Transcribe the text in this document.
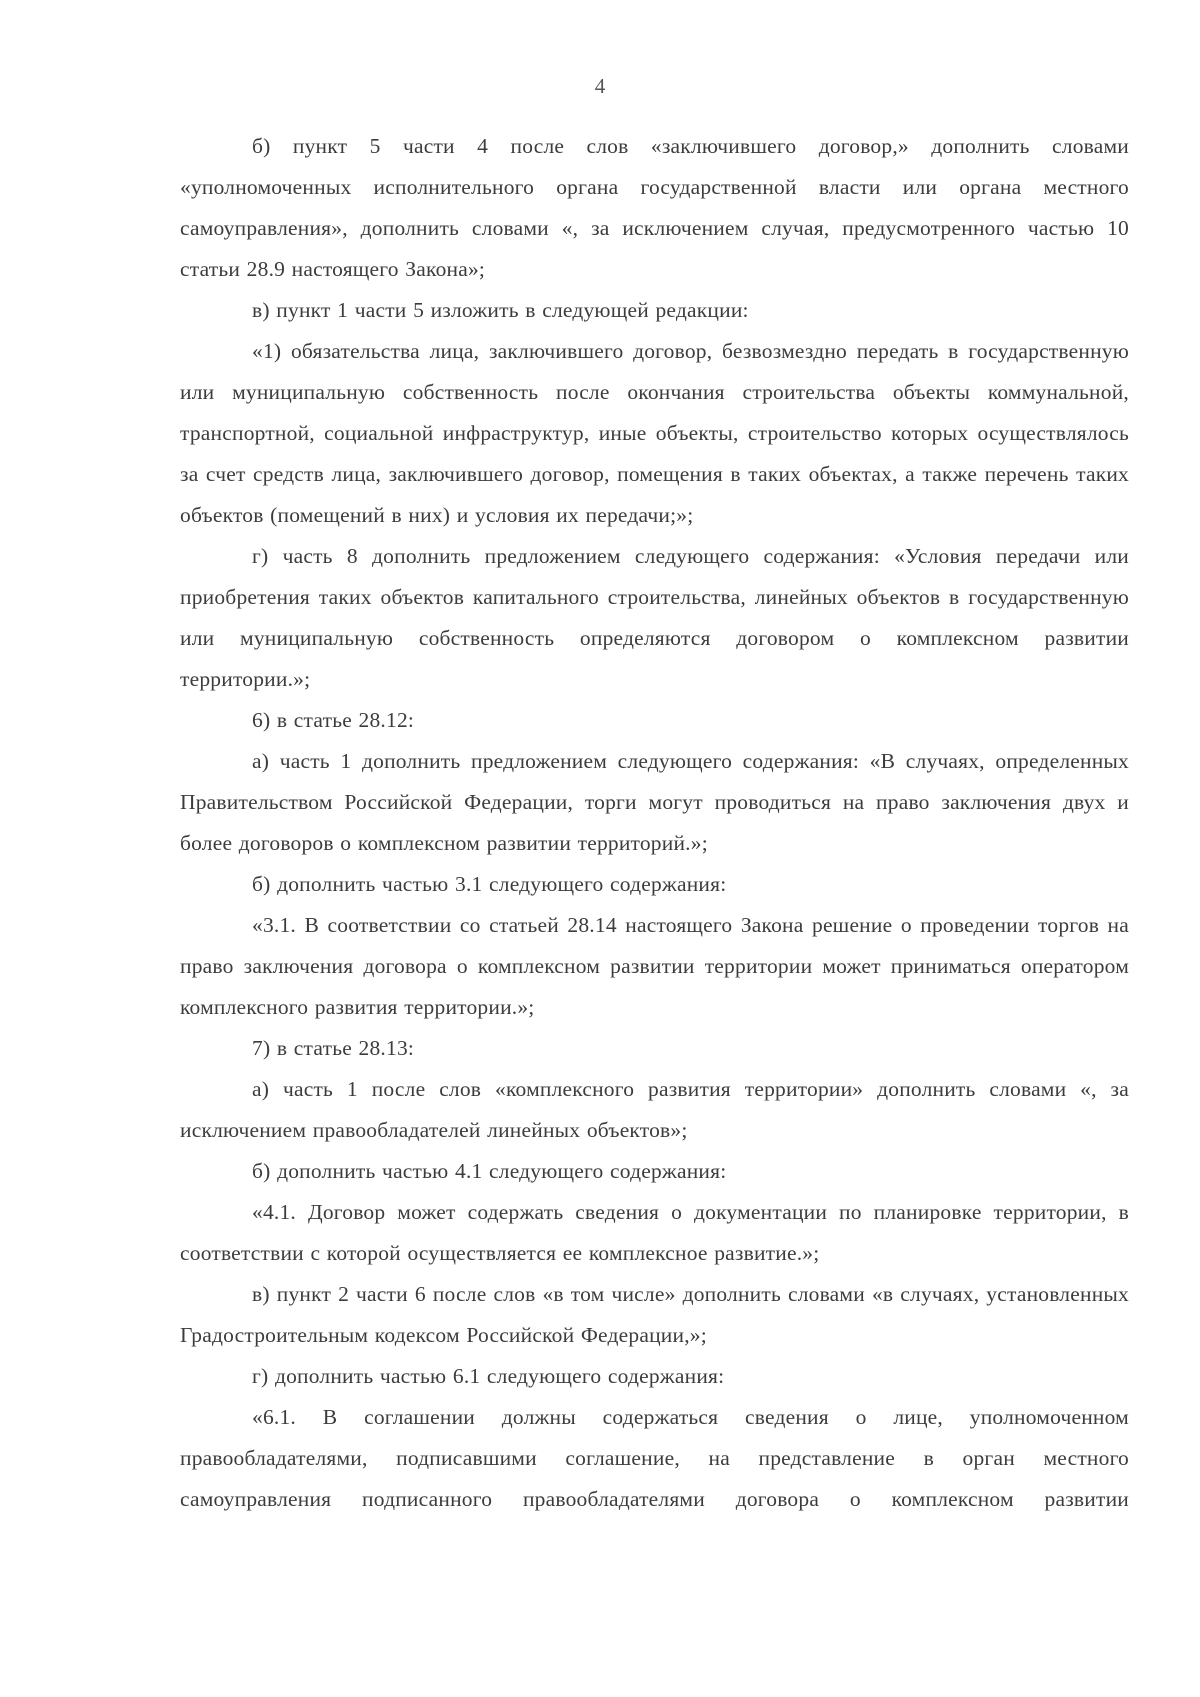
4

б) пункт 5 части 4 после слов «заключившего договор,» дополнить словами «уполномоченных исполнительного органа государственной власти или органа местного самоуправления», дополнить словами «, за исключением случая, предусмотренного частью 10 статьи 28.9 настоящего Закона»;

в) пункт 1 части 5 изложить в следующей редакции:

«1) обязательства лица, заключившего договор, безвозмездно передать в государственную или муниципальную собственность после окончания строительства объекты коммунальной, транспортной, социальной инфраструктур, иные объекты, строительство которых осуществлялось за счет средств лица, заключившего договор, помещения в таких объектах, а также перечень таких объектов (помещений в них) и условия их передачи;»;

г) часть 8 дополнить предложением следующего содержания: «Условия передачи или приобретения таких объектов капитального строительства, линейных объектов в государственную или муниципальную собственность определяются договором о комплексном развитии территории.»;

6) в статье 28.12:

а) часть 1 дополнить предложением следующего содержания: «В случаях, определенных Правительством Российской Федерации, торги могут проводиться на право заключения двух и более договоров о комплексном развитии территорий.»;

б) дополнить частью 3.1 следующего содержания:

«3.1. В соответствии со статьей 28.14 настоящего Закона решение о проведении торгов на право заключения договора о комплексном развитии территории может приниматься оператором комплексного развития территории.»;

7) в статье 28.13:

а) часть 1 после слов «комплексного развития территории» дополнить словами «, за исключением правообладателей линейных объектов»;

б) дополнить частью 4.1 следующего содержания:

«4.1. Договор может содержать сведения о документации по планировке территории, в соответствии с которой осуществляется ее комплексное развитие.»;

в) пункт 2 части 6 после слов «в том числе» дополнить словами «в случаях, установленных Градостроительным кодексом Российской Федерации,»;

г) дополнить частью 6.1 следующего содержания:

«6.1. В соглашении должны содержаться сведения о лице, уполномоченном правообладателями, подписавшими соглашение, на представление в орган местного самоуправления подписанного правообладателями договора о комплексном развитии
